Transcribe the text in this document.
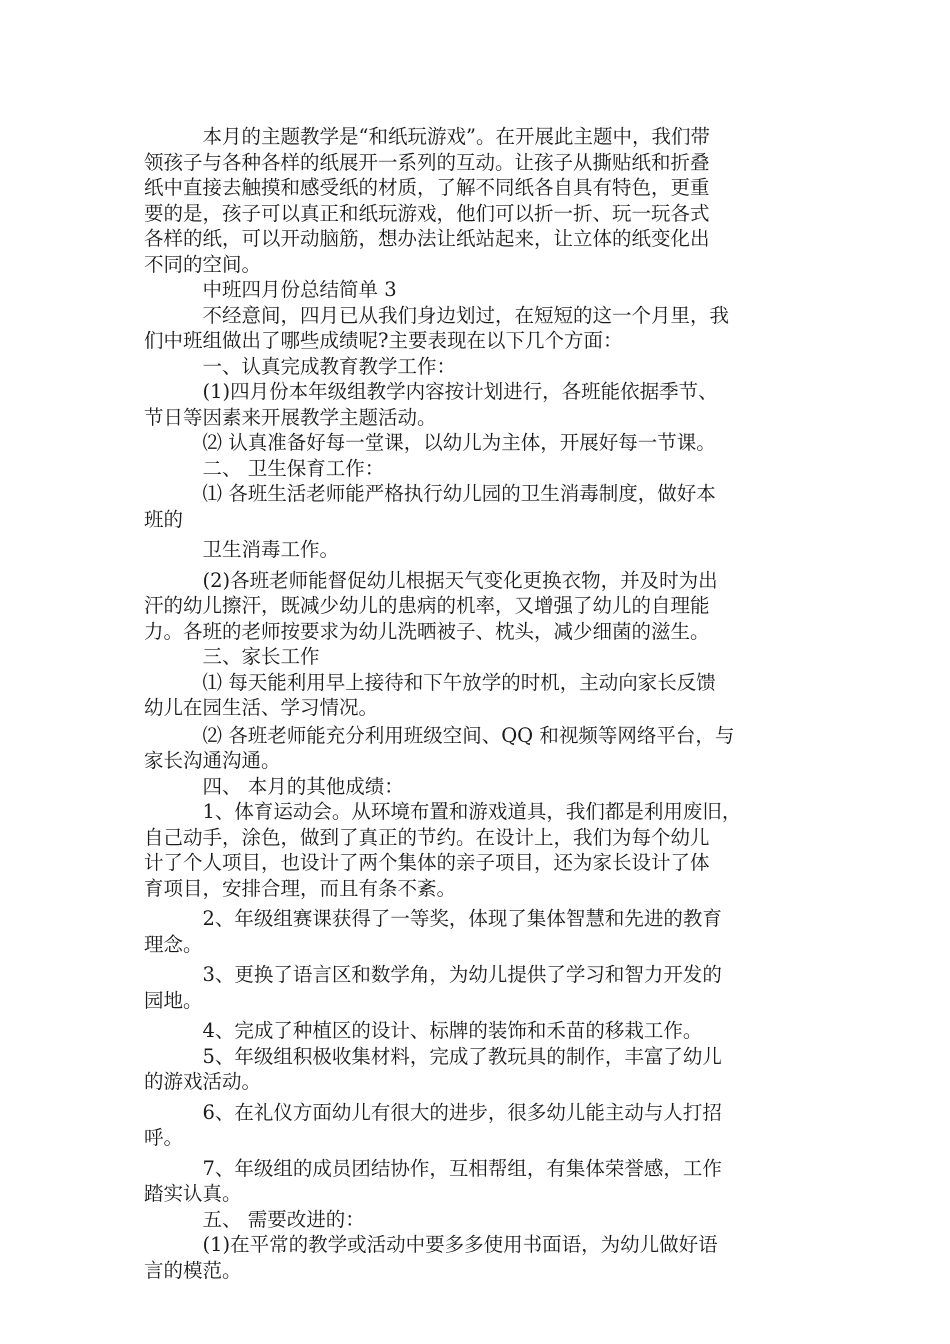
本月的主题教学是“和纸玩游戏”。在开展此主题中，我们带
领孩子与各种各样的纸展开一系列的互动。让孩子从撕贴纸和折叠
纸中直接去触摸和感受纸的材质，了解不同纸各自具有特色，更重
要的是，孩子可以真正和纸玩游戏，他们可以折一折、玩一玩各式
各样的纸，可以开动脑筋，想办法让纸站起来，让立体的纸变化出
不同的空间。
中班四月份总结简单 3
不经意间，四月已从我们身边划过，在短短的这一个月里，我
们中班组做出了哪些成绩呢?主要表现在以下几个方面：
一、认真完成教育教学工作：
(1)四月份本年级组教学内容按计划进行，各班能依据季节、
节日等因素来开展教学主题活动。
⑵ 认真准备好每一堂课，以幼儿为主体，开展好每一节课。
二、 卫生保育工作：
⑴ 各班生活老师能严格执行幼儿园的卫生消毒制度，做好本
班的
卫生消毒工作。
(2)各班老师能督促幼儿根据天气变化更换衣物，并及时为出
汗的幼儿擦汗，既减少幼儿的患病的机率，又增强了幼儿的自理能
力。各班的老师按要求为幼儿洗晒被子、枕头，减少细菌的滋生。
三、家长工作
⑴ 每天能利用早上接待和下午放学的时机，主动向家长反馈
幼儿在园生活、学习情况。
⑵ 各班老师能充分利用班级空间、QQ 和视频等网络平台，与
家长沟通沟通。
四、 本月的其他成绩：
1、体育运动会。从环境布置和游戏道具，我们都是利用废旧，
自己动手，涂色，做到了真正的节约。在设计上，我们为每个幼儿
计了个人项目，也设计了两个集体的亲子项目，还为家长设计了体
育项目，安排合理，而且有条不紊。
2、年级组赛课获得了一等奖，体现了集体智慧和先进的教育
理念。
3、更换了语言区和数学角，为幼儿提供了学习和智力开发的
园地。
4、完成了种植区的设计、标牌的装饰和禾苗的移栽工作。
5、年级组积极收集材料，完成了教玩具的制作，丰富了幼儿
的游戏活动。
6、在礼仪方面幼儿有很大的进步，很多幼儿能主动与人打招
呼。
7、年级组的成员团结协作，互相帮组，有集体荣誉感，工作
踏实认真。
五、 需要改进的：
(1)在平常的教学或活动中要多多使用书面语，为幼儿做好语
言的模范。
